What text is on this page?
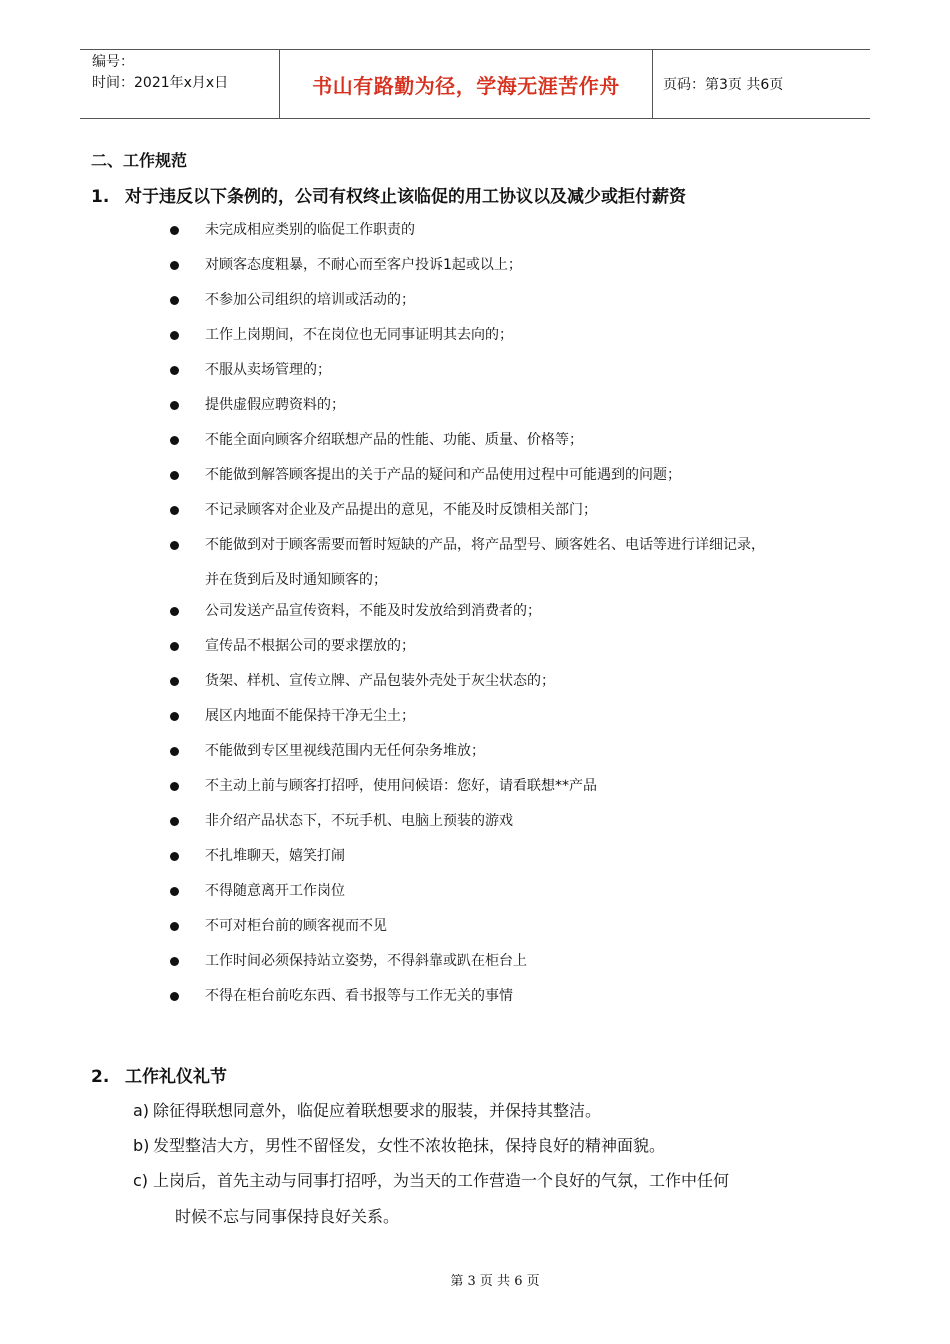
编号：
时间：2021年x月x日	书山有路勤为径，学海无涯苦作舟	页码：第3页 共6页
二、工作规范
1. 对于违反以下条例的，公司有权终止该临促的用工协议以及减少或拒付薪资
未完成相应类别的临促工作职责的
对顾客态度粗暴，不耐心而至客户投诉1起或以上；
不参加公司组织的培训或活动的；
工作上岗期间，不在岗位也无同事证明其去向的；
不服从卖场管理的；
提供虚假应聘资料的；
不能全面向顾客介绍联想产品的性能、功能、质量、价格等；
不能做到解答顾客提出的关于产品的疑问和产品使用过程中可能遇到的问题；
不记录顾客对企业及产品提出的意见，不能及时反馈相关部门；
不能做到对于顾客需要而暂时短缺的产品，将产品型号、顾客姓名、电话等进行详细记录，
并在货到后及时通知顾客的；
公司发送产品宣传资料，不能及时发放给到消费者的；
宣传品不根据公司的要求摆放的；
货架、样机、宣传立牌、产品包装外壳处于灰尘状态的；
展区内地面不能保持干净无尘土；
不能做到专区里视线范围内无任何杂务堆放；
不主动上前与顾客打招呼，使用问候语：您好，请看联想**产品
非介绍产品状态下，不玩手机、电脑上预装的游戏
不扎堆聊天，嬉笑打闹
不得随意离开工作岗位
不可对柜台前的顾客视而不见
工作时间必须保持站立姿势，不得斜靠或趴在柜台上
不得在柜台前吃东西、看书报等与工作无关的事情
2. 工作礼仪礼节
a) 除征得联想同意外，临促应着联想要求的服装，并保持其整洁。
b) 发型整洁大方，男性不留怪发，女性不浓妆艳抹，保持良好的精神面貌。
c) 上岗后，首先主动与同事打招呼，为当天的工作营造一个良好的气氛，工作中任何
时候不忘与同事保持良好关系。
第 3 页 共 6 页
